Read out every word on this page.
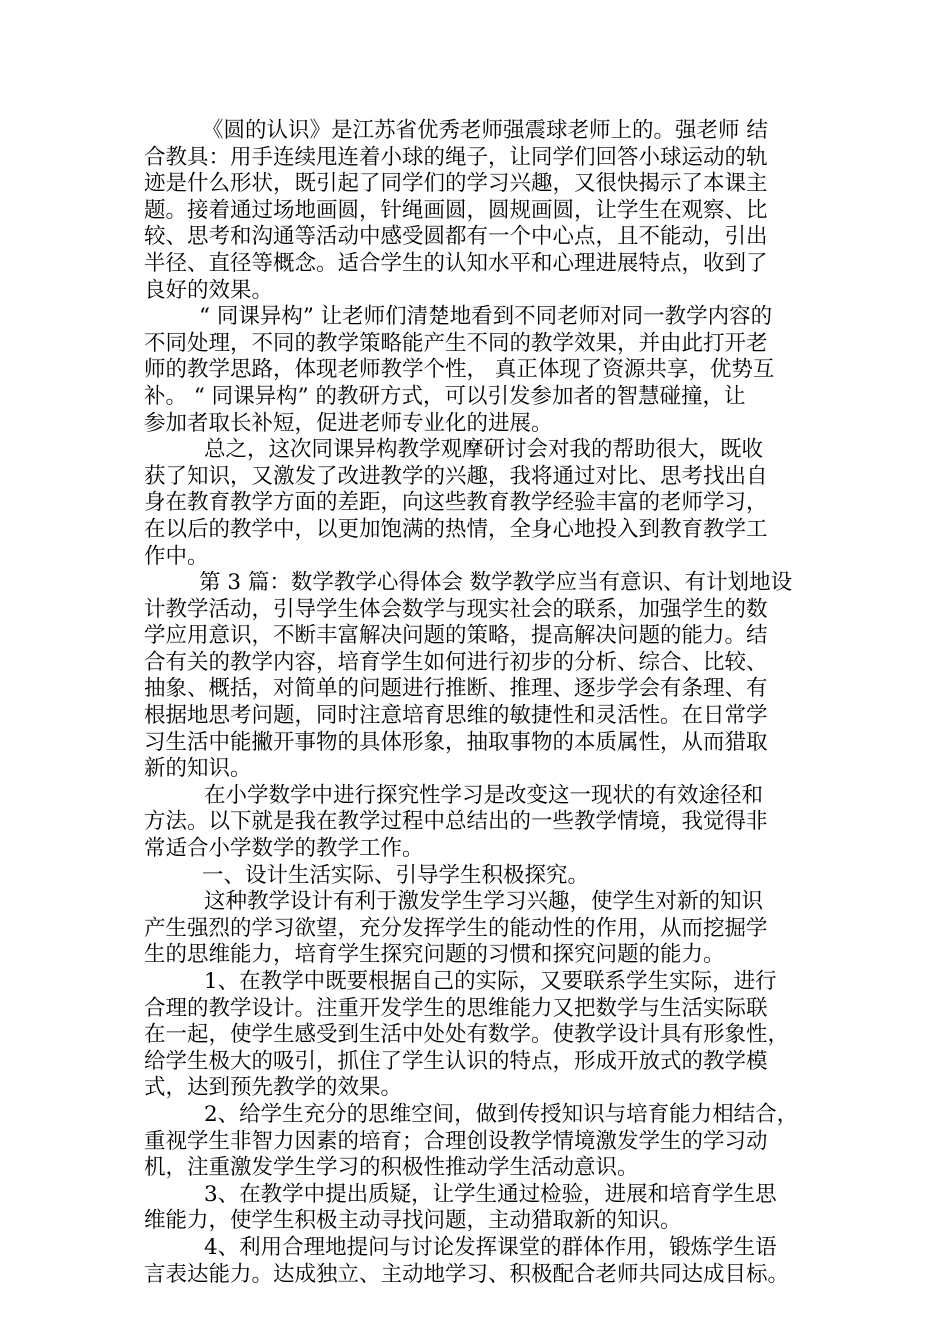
《圆的认识》是江苏省优秀老师强震球老师上的。强老师 结
合教具：用手连续甩连着小球的绳子，让同学们回答小球运动的轨
迹是什么形状，既引起了同学们的学习兴趣，又很快揭示了本课主
题。接着通过场地画圆，针绳画圆，圆规画圆，让学生在观察、比
较、思考和沟通等活动中感受圆都有一个中心点，且不能动，引出
半径、直径等概念。适合学生的认知水平和心理进展特点，收到了
良好的效果。
“ 同课异构” 让老师们清楚地看到不同老师对同一教学内容的
不同处理，不同的教学策略能产生不同的教学效果，并由此打开老
师的教学思路，体现老师教学个性， 真正体现了资源共享，优势互
补。 “ 同课异构” 的教研方式，可以引发参加者的智慧碰撞，让
参加者取长补短，促进老师专业化的进展。
总之，这次同课异构教学观摩研讨会对我的帮助很大，既收
获了知识，又激发了改进教学的兴趣，我将通过对比、思考找出自
身在教育教学方面的差距，向这些教育教学经验丰富的老师学习，
在以后的教学中，以更加饱满的热情，全身心地投入到教育教学工
作中。
第 3 篇：数学教学心得体会 数学教学应当有意识、有计划地设
计教学活动，引导学生体会数学与现实社会的联系，加强学生的数
学应用意识，不断丰富解决问题的策略，提高解决问题的能力。结
合有关的教学内容，培育学生如何进行初步的分析、综合、比较、
抽象、概括，对简单的问题进行推断、推理、逐步学会有条理、有
根据地思考问题，同时注意培育思维的敏捷性和灵活性。在日常学
习生活中能撇开事物的具体形象，抽取事物的本质属性，从而猎取
新的知识。
在小学数学中进行探究性学习是改变这一现状的有效途径和
方法。以下就是我在教学过程中总结出的一些教学情境，我觉得非
常适合小学数学的教学工作。
一、设计生活实际、引导学生积极探究。
这种教学设计有利于激发学生学习兴趣，使学生对新的知识
产生强烈的学习欲望，充分发挥学生的能动性的作用，从而挖掘学
生的思维能力，培育学生探究问题的习惯和探究问题的能力。
1、在教学中既要根据自己的实际，又要联系学生实际，进行
合理的教学设计。注重开发学生的思维能力又把数学与生活实际联
在一起，使学生感受到生活中处处有数学。使教学设计具有形象性，
给学生极大的吸引，抓住了学生认识的特点，形成开放式的教学模
式，达到预先教学的效果。
2、给学生充分的思维空间，做到传授知识与培育能力相结合，
重视学生非智力因素的培育；合理创设教学情境激发学生的学习动
机，注重激发学生学习的积极性推动学生活动意识。
3、在教学中提出质疑，让学生通过检验，进展和培育学生思
维能力，使学生积极主动寻找问题，主动猎取新的知识。
4、利用合理地提问与讨论发挥课堂的群体作用，锻炼学生语
言表达能力。达成独立、主动地学习、积极配合老师共同达成目标。
